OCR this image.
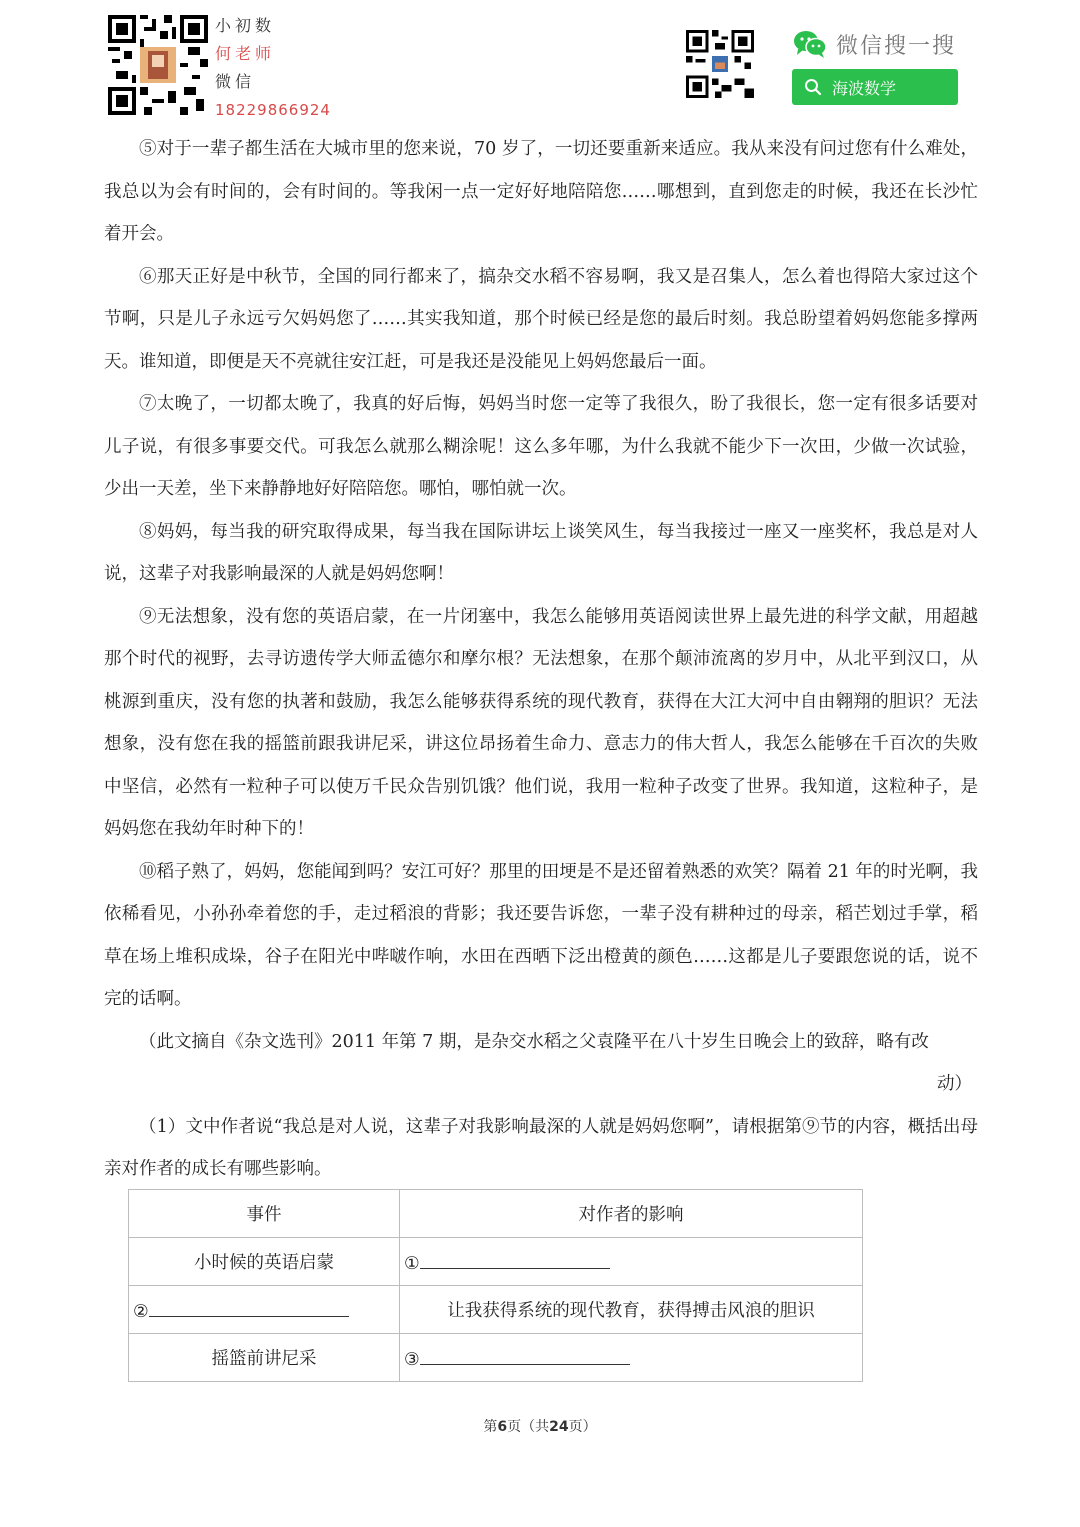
小初数
何老师
微信
18229866924
微信搜一搜
海波数学

⑤对于一辈子都生活在大城市里的您来说，70 岁了，一切还要重新来适应。我从来没有问过您有什么难处，我总以为会有时间的，会有时间的。等我闲一点一定好好地陪陪您……哪想到，直到您走的时候，我还在长沙忙着开会。

⑥那天正好是中秋节，全国的同行都来了，搞杂交水稻不容易啊，我又是召集人，怎么着也得陪大家过这个节啊，只是儿子永远亏欠妈妈您了……其实我知道，那个时候已经是您的最后时刻。我总盼望着妈妈您能多撑两天。谁知道，即便是天不亮就往安江赶，可是我还是没能见上妈妈您最后一面。

⑦太晚了，一切都太晚了，我真的好后悔，妈妈当时您一定等了我很久，盼了我很长，您一定有很多话要对儿子说，有很多事要交代。可我怎么就那么糊涂呢！这么多年哪，为什么我就不能少下一次田，少做一次试验，少出一天差，坐下来静静地好好陪陪您。哪怕，哪怕就一次。

⑧妈妈，每当我的研究取得成果，每当我在国际讲坛上谈笑风生，每当我接过一座又一座奖杯，我总是对人说，这辈子对我影响最深的人就是妈妈您啊！

⑨无法想象，没有您的英语启蒙，在一片闭塞中，我怎么能够用英语阅读世界上最先进的科学文献，用超越那个时代的视野，去寻访遗传学大师孟德尔和摩尔根？无法想象，在那个颠沛流离的岁月中，从北平到汉口，从桃源到重庆，没有您的执著和鼓励，我怎么能够获得系统的现代教育，获得在大江大河中自由翱翔的胆识？无法想象，没有您在我的摇篮前跟我讲尼采，讲这位昂扬着生命力、意志力的伟大哲人，我怎么能够在千百次的失败中坚信，必然有一粒种子可以使万千民众告别饥饿？他们说，我用一粒种子改变了世界。我知道，这粒种子，是妈妈您在我幼年时种下的！

⑩稻子熟了，妈妈，您能闻到吗？安江可好？那里的田埂是不是还留着熟悉的欢笑？隔着 21 年的时光啊，我依稀看见，小孙孙牵着您的手，走过稻浪的背影；我还要告诉您，一辈子没有耕种过的母亲，稻芒划过手掌，稻草在场上堆积成垛，谷子在阳光中哔啵作响，水田在西晒下泛出橙黄的颜色……这都是儿子要跟您说的话，说不完的话啊。

（此文摘自《杂文选刊》2011 年第 7 期，是杂交水稻之父袁隆平在八十岁生日晚会上的致辞，略有改
动）
（1）文中作者说“我总是对人说，这辈子对我影响最深的人就是妈妈您啊”，请根据第⑨节的内容，概括出母亲对作者的成长有哪些影响。
事件	对作者的影响
小时候的英语启蒙	①
②	让我获得系统的现代教育，获得搏击风浪的胆识
摇篮前讲尼采	③
第6页（共24页）
